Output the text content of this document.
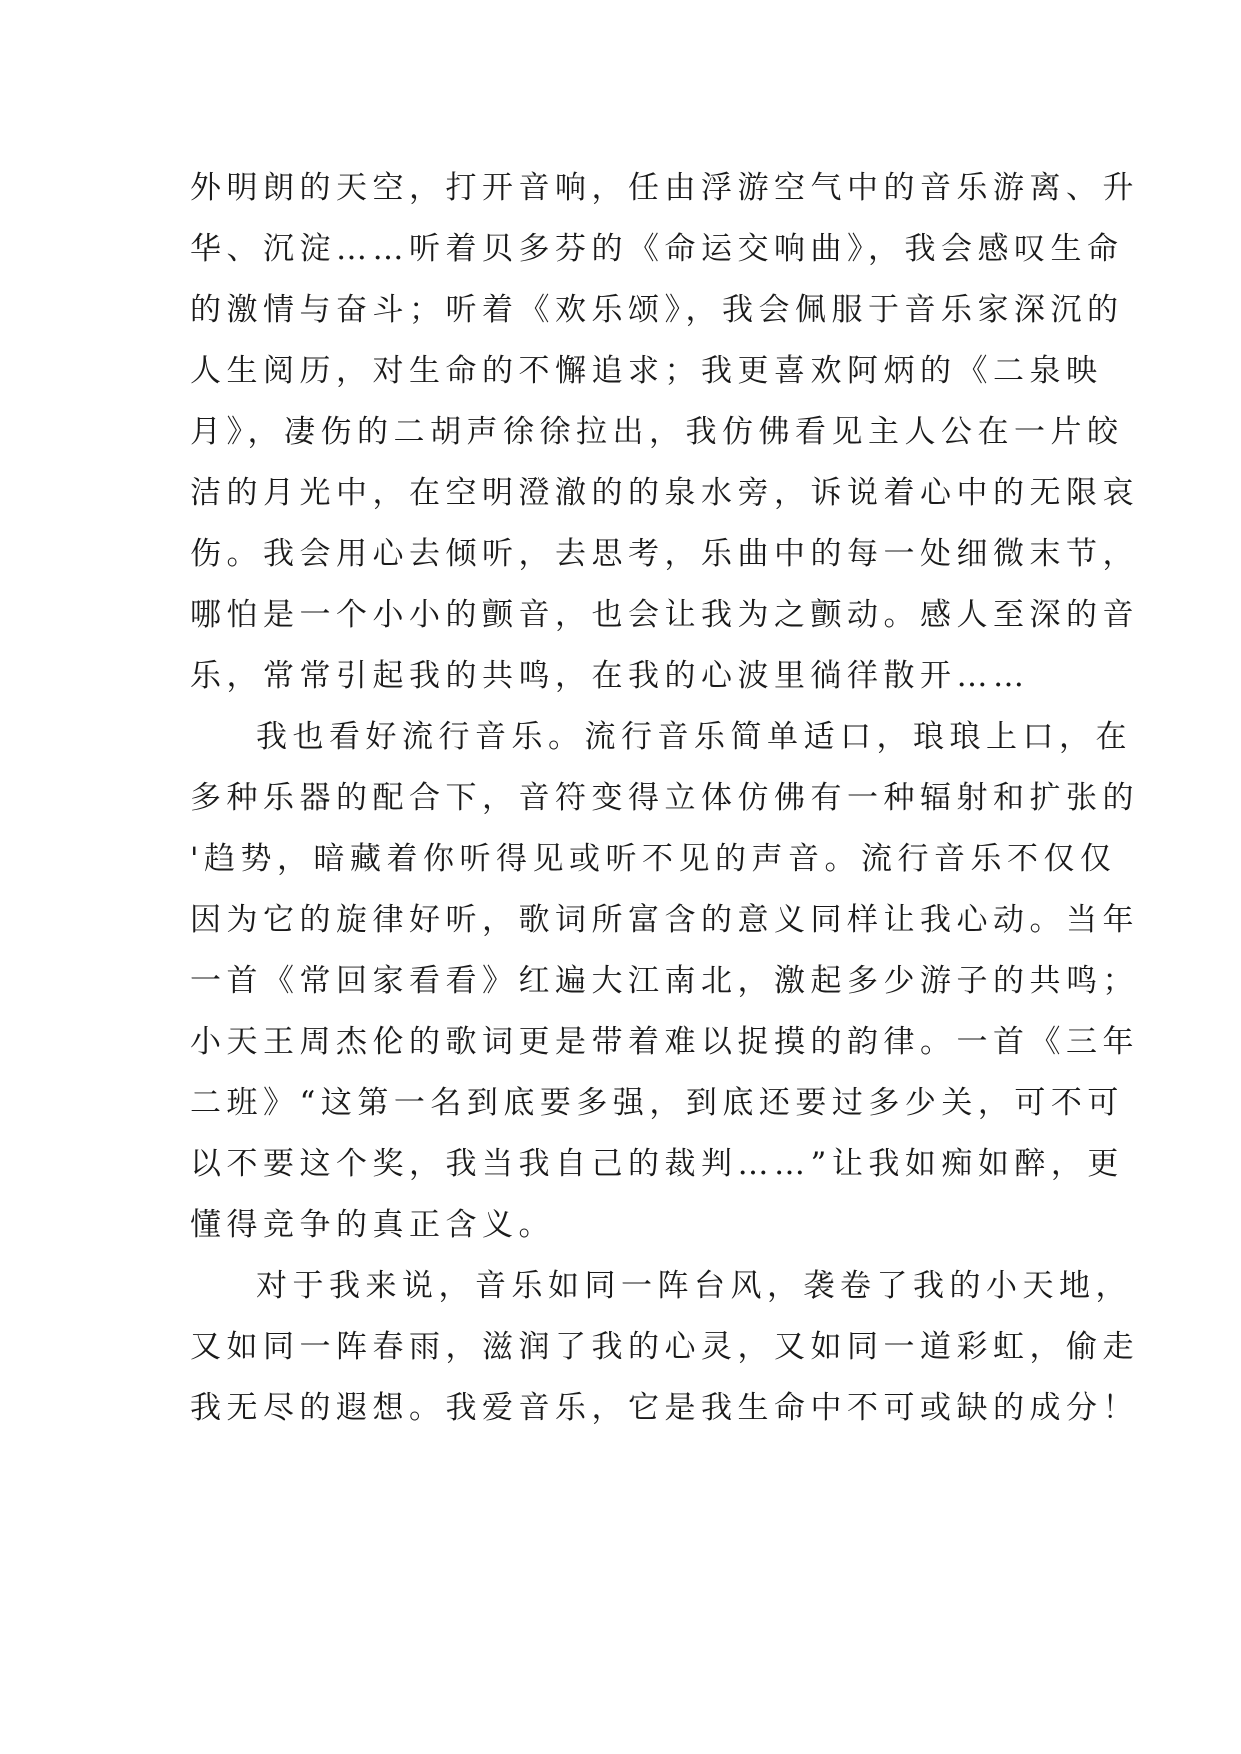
外明朗的天空，打开音响，任由浮游空气中的音乐游离、升
华、沉淀……听着贝多芬的《命运交响曲》，我会感叹生命
的激情与奋斗；听着《欢乐颂》，我会佩服于音乐家深沉的
人生阅历，对生命的不懈追求；我更喜欢阿炳的《二泉映
月》，凄伤的二胡声徐徐拉出，我仿佛看见主人公在一片皎
洁的月光中，在空明澄澈的的泉水旁，诉说着心中的无限哀
伤。我会用心去倾听，去思考，乐曲中的每一处细微末节，
哪怕是一个小小的颤音，也会让我为之颤动。感人至深的音
乐，常常引起我的共鸣，在我的心波里徜徉散开……

我也看好流行音乐。流行音乐简单适口，琅琅上口，在
多种乐器的配合下，音符变得立体仿佛有一种辐射和扩张的
'趋势，暗藏着你听得见或听不见的声音。流行音乐不仅仅
因为它的旋律好听，歌词所富含的意义同样让我心动。当年
一首《常回家看看》红遍大江南北，激起多少游子的共鸣；
小天王周杰伦的歌词更是带着难以捉摸的韵律。一首《三年
二班》“这第一名到底要多强，到底还要过多少关，可不可
以不要这个奖，我当我自己的裁判……”让我如痴如醉，更
懂得竞争的真正含义。

对于我来说，音乐如同一阵台风，袭卷了我的小天地，
又如同一阵春雨，滋润了我的心灵，又如同一道彩虹，偷走
我无尽的遐想。我爱音乐，它是我生命中不可或缺的成分！
